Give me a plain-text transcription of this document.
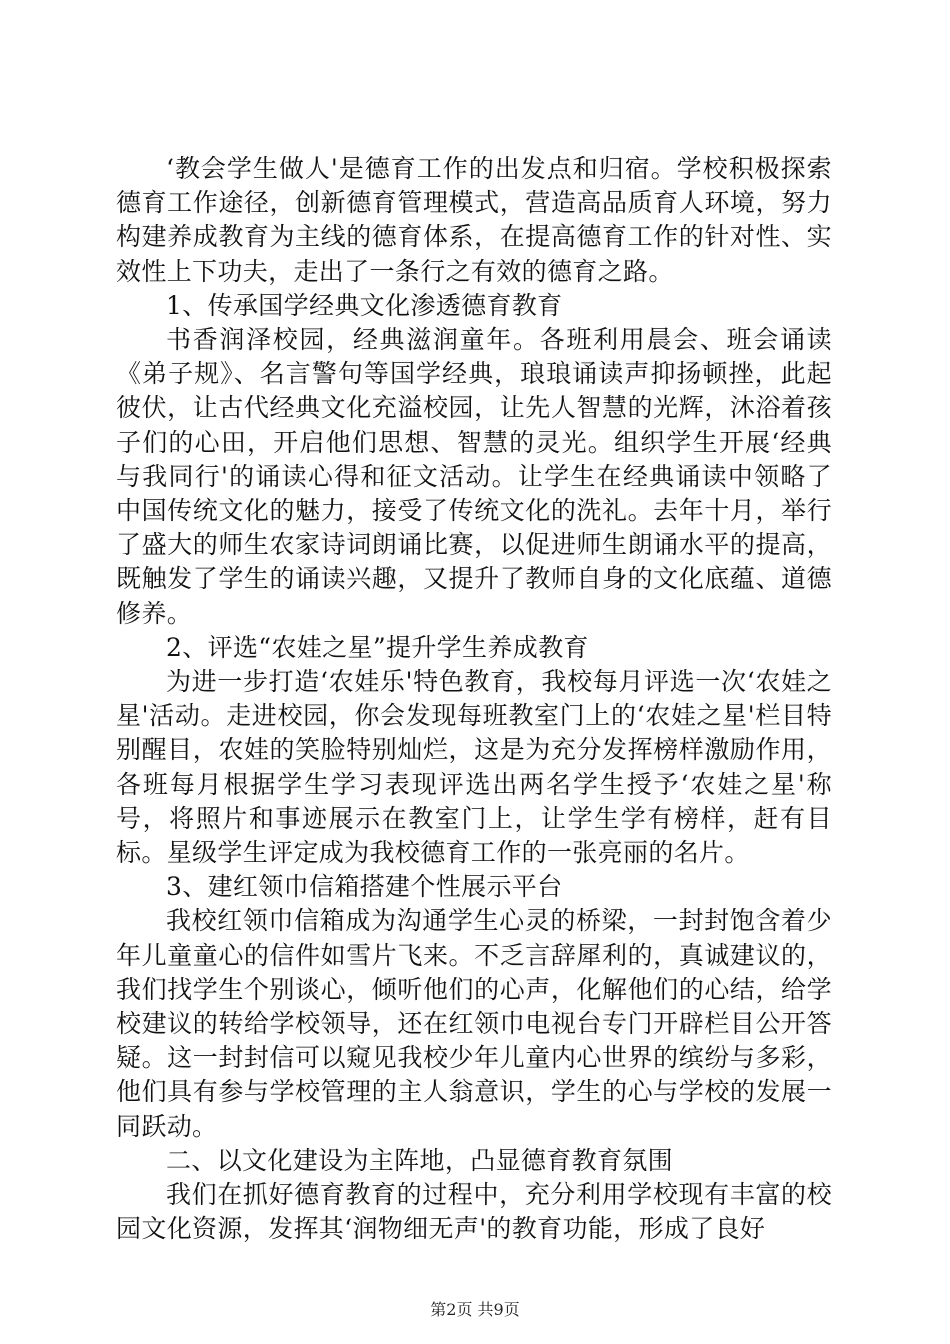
‘教会学生做人'是德育工作的出发点和归宿。学校积极探索德育工作途径，创新德育管理模式，营造高品质育人环境，努力构建养成教育为主线的德育体系，在提高德育工作的针对性、实效性上下功夫，走出了一条行之有效的德育之路。

1、传承国学经典文化渗透德育教育

书香润泽校园，经典滋润童年。各班利用晨会、班会诵读《弟子规》、名言警句等国学经典，琅琅诵读声抑扬顿挫，此起彼伏，让古代经典文化充溢校园，让先人智慧的光辉，沐浴着孩子们的心田，开启他们思想、智慧的灵光。组织学生开展‘经典与我同行'的诵读心得和征文活动。让学生在经典诵读中领略了中国传统文化的魅力，接受了传统文化的洗礼。去年十月，举行了盛大的师生农家诗词朗诵比赛，以促进师生朗诵水平的提高，既触发了学生的诵读兴趣，又提升了教师自身的文化底蕴、道德修养。

2、评选“农娃之星”提升学生养成教育

为进一步打造‘农娃乐'特色教育，我校每月评选一次‘农娃之星'活动。走进校园，你会发现每班教室门上的‘农娃之星'栏目特别醒目，农娃的笑脸特别灿烂，这是为充分发挥榜样激励作用，各班每月根据学生学习表现评选出两名学生授予‘农娃之星'称号，将照片和事迹展示在教室门上，让学生学有榜样，赶有目标。星级学生评定成为我校德育工作的一张亮丽的名片。

3、建红领巾信箱搭建个性展示平台

我校红领巾信箱成为沟通学生心灵的桥梁，一封封饱含着少年儿童童心的信件如雪片飞来。不乏言辞犀利的，真诚建议的，我们找学生个别谈心，倾听他们的心声，化解他们的心结，给学校建议的转给学校领导，还在红领巾电视台专门开辟栏目公开答疑。这一封封信可以窥见我校少年儿童内心世界的缤纷与多彩，他们具有参与学校管理的主人翁意识，学生的心与学校的发展一同跃动。

二、以文化建设为主阵地，凸显德育教育氛围

我们在抓好德育教育的过程中，充分利用学校现有丰富的校园文化资源，发挥其‘润物细无声'的教育功能，形成了良好

第2页 共9页
